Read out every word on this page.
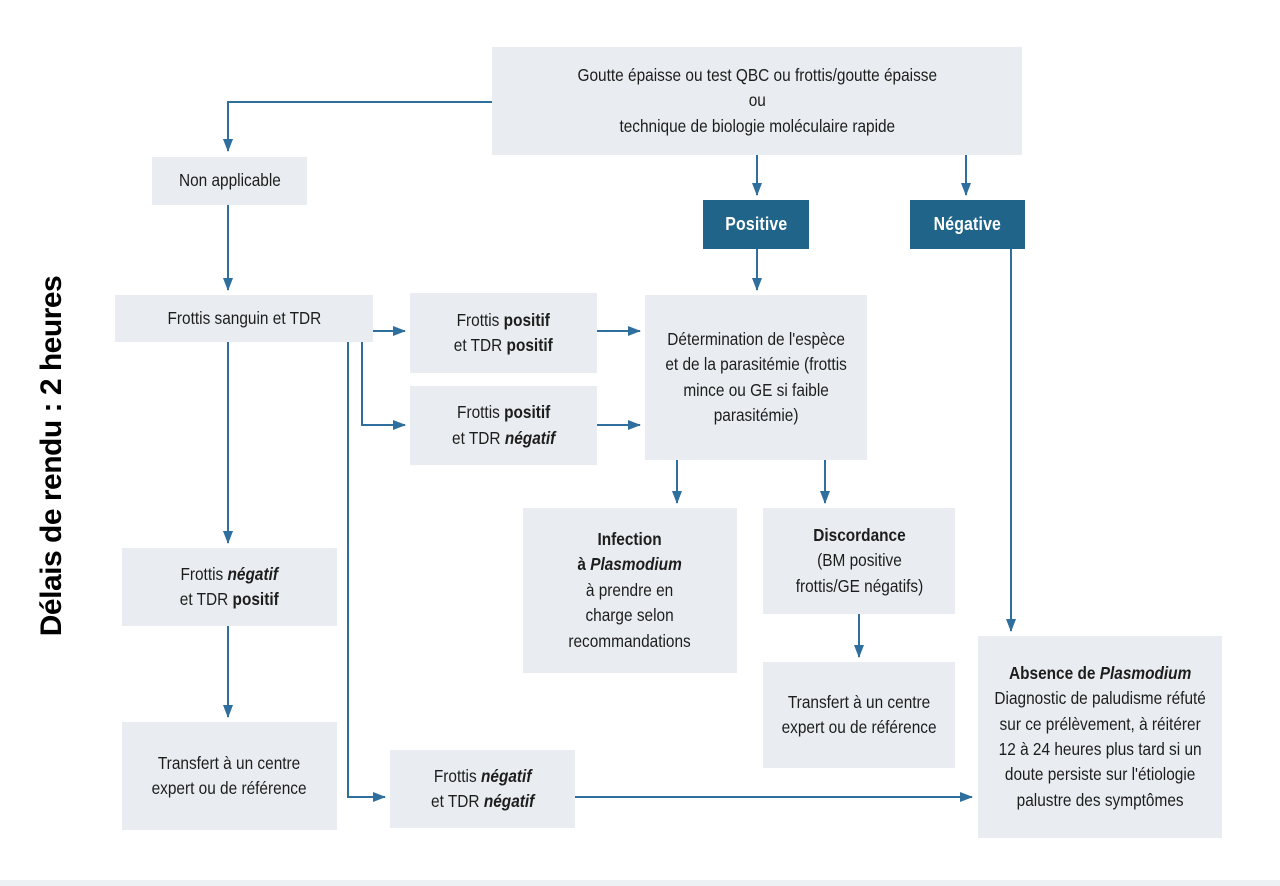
Délais de rendu : 2 heures
Goutte épaisse ou test QBC ou frottis/goutte épaisse
ou
technique de biologie moléculaire rapide
Non applicable
Positive	Négative
Frottis sanguin et TDR	Frottis positif
et TDR positif
Frottis positif
et TDR négatif
Détermination de l'espèce
et de la parasitémie (frottis
mince ou GE si faible
parasitémie)
Infection
à Plasmodium
à prendre en
charge selon
recommandations
Discordance
(BM positive
frottis/GE négatifs)
Frottis négatif
et TDR positif
Transfert à un centre
expert ou de référence
Frottis négatif
et TDR négatif
Transfert à un centre
expert ou de référence
Absence de Plasmodium
Diagnostic de paludisme réfuté
sur ce prélèvement, à réitérer
12 à 24 heures plus tard si un
doute persiste sur l'étiologie
palustre des symptômes
